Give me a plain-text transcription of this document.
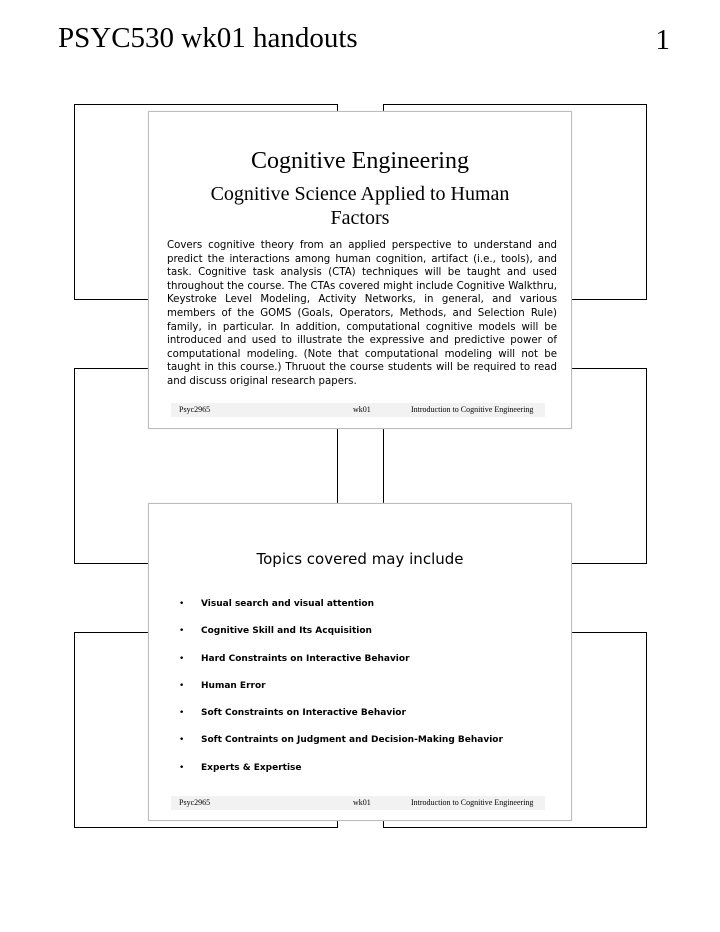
PSYC530 wk01 handouts	1
Cognitive Engineering
Cognitive Science Applied to Human Factors
Covers cognitive theory from an applied perspective to understand and predict the interactions among human cognition, artifact (i.e., tools), and task. Cognitive task analysis (CTA) techniques will be taught and used throughout the course. The CTAs covered might include Cognitive Walkthru, Keystroke Level Modeling, Activity Networks, in general, and various members of the GOMS (Goals, Operators, Methods, and Selection Rule) family, in particular. In addition, computational cognitive models will be introduced and used to illustrate the expressive and predictive power of computational modeling. (Note that computational modeling will not be taught in this course.) Thruout the course students will be required to read and discuss original research papers.
Psyc2965	wk01	Introduction to Cognitive Engineering
Topics covered may include
• Visual search and visual attention
• Cognitive Skill and Its Acquisition
• Hard Constraints on Interactive Behavior
• Human Error
• Soft Constraints on Interactive Behavior
• Soft Contraints on Judgment and Decision-Making Behavior
• Experts & Expertise
Psyc2965	wk01	Introduction to Cognitive Engineering
